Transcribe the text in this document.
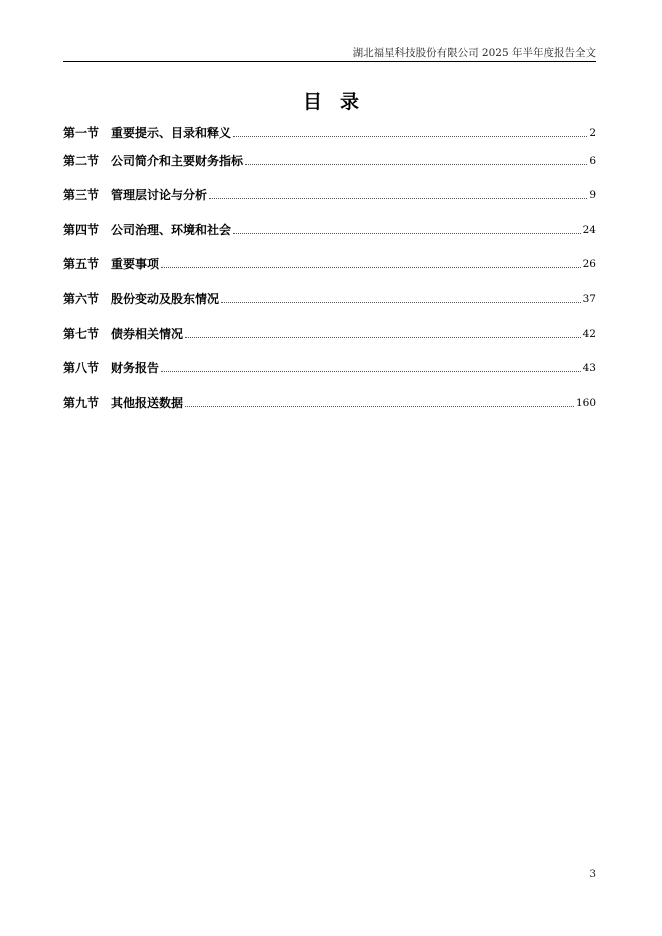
湖北福星科技股份有限公司 2025 年半年度报告全文
目录
第一节 重要提示、目录和释义	2
第二节 公司简介和主要财务指标	6
第三节 管理层讨论与分析	9
第四节 公司治理、环境和社会	24
第五节 重要事项	26
第六节 股份变动及股东情况	37
第七节 债券相关情况	42
第八节 财务报告	43
第九节 其他报送数据	160
3
